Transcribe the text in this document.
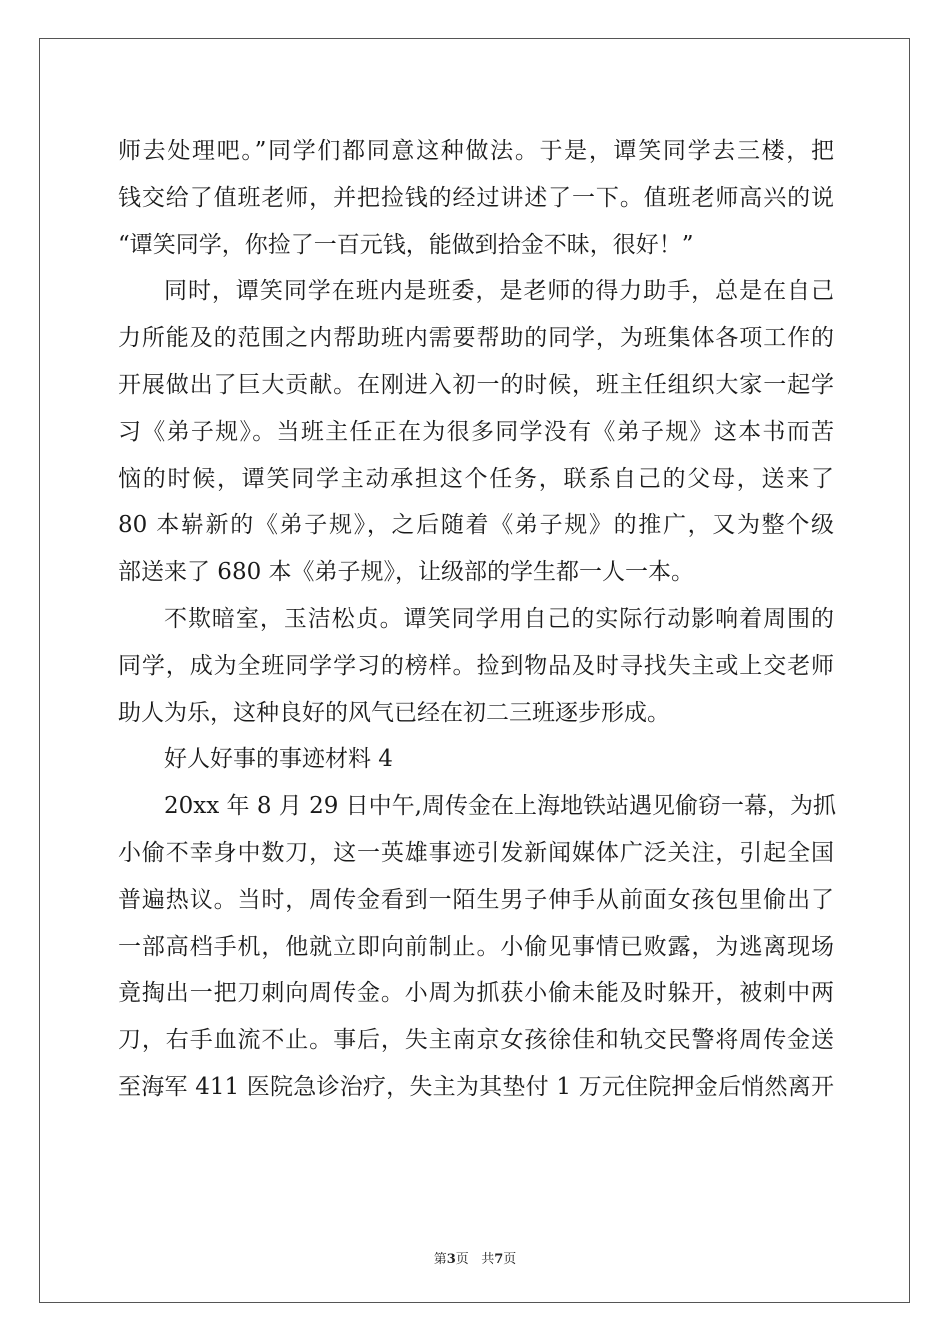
师去处理吧。”同学们都同意这种做法。于是，谭笑同学去三楼，把
钱交给了值班老师，并把捡钱的经过讲述了一下。值班老师高兴的说
“谭笑同学，你捡了一百元钱，能做到拾金不昧，很好！”
同时，谭笑同学在班内是班委，是老师的得力助手，总是在自己
力所能及的范围之内帮助班内需要帮助的同学，为班集体各项工作的
开展做出了巨大贡献。在刚进入初一的时候，班主任组织大家一起学
习《弟子规》。当班主任正在为很多同学没有《弟子规》这本书而苦
恼的时候，谭笑同学主动承担这个任务，联系自己的父母，送来了
80 本崭新的《弟子规》，之后随着《弟子规》的推广，又为整个级
部送来了 680 本《弟子规》，让级部的学生都一人一本。
不欺暗室，玉洁松贞。谭笑同学用自己的实际行动影响着周围的
同学，成为全班同学学习的榜样。捡到物品及时寻找失主或上交老师
助人为乐，这种良好的风气已经在初二三班逐步形成。
好人好事的事迹材料 4
20xx 年 8 月 29 日中午,周传金在上海地铁站遇见偷窃一幕，为抓
小偷不幸身中数刀，这一英雄事迹引发新闻媒体广泛关注，引起全国
普遍热议。当时，周传金看到一陌生男子伸手从前面女孩包里偷出了
一部高档手机，他就立即向前制止。小偷见事情已败露，为逃离现场
竟掏出一把刀刺向周传金。小周为抓获小偷未能及时躲开，被刺中两
刀，右手血流不止。事后，失主南京女孩徐佳和轨交民警将周传金送
至海军 411 医院急诊治疗，失主为其垫付 1 万元住院押金后悄然离开
第3页 共7页
